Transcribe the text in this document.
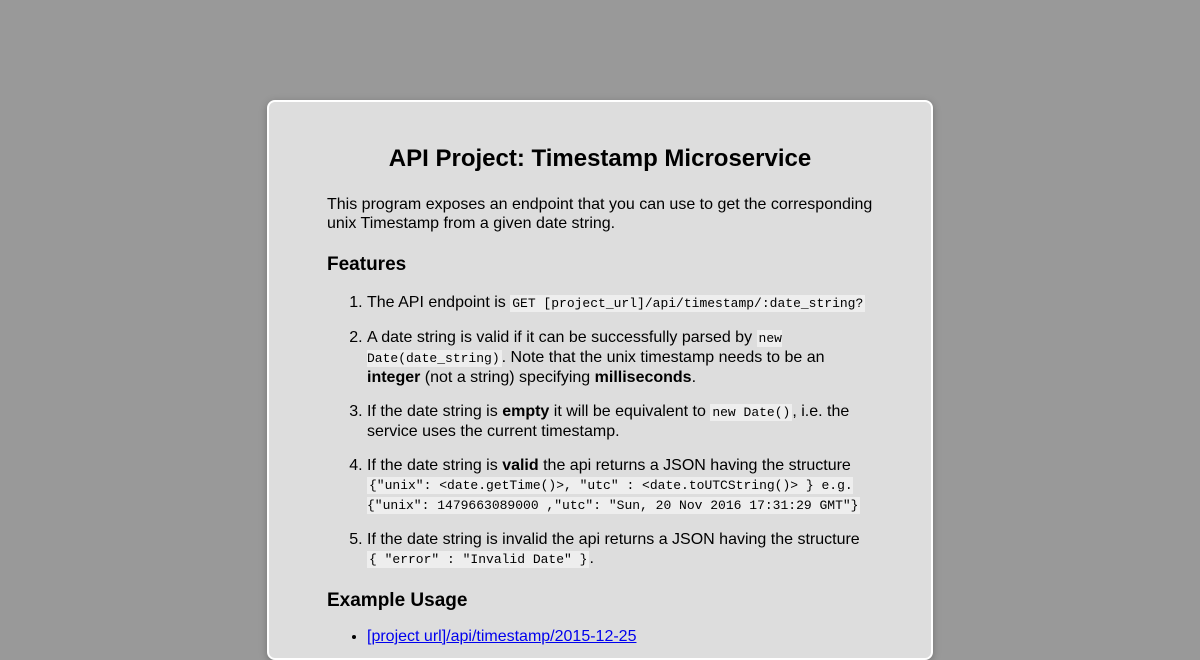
API Project: Timestamp Microservice

This program exposes an endpoint that you can use to get the corresponding unix Timestamp from a given date string.

Features
1. The API endpoint is GET [project_url]/api/timestamp/:date_string?
2. A date string is valid if it can be successfully parsed by new Date(date_string) . Note that the unix timestamp needs to be an integer (not a string) specifying milliseconds.
3. If the date string is empty it will be equivalent to new Date() , i.e. the service uses the current timestamp.
4. If the date string is valid the api returns a JSON having the structure {"unix": <date.getTime()>, "utc" : <date.toUTCString()> } e.g. {"unix": 1479663089000 ,"utc": "Sun, 20 Nov 2016 17:31:29 GMT"}
5. If the date string is invalid the api returns a JSON having the structure { "error" : "Invalid Date" } .
Example Usage
• [project url]/api/timestamp/2015-12-25
